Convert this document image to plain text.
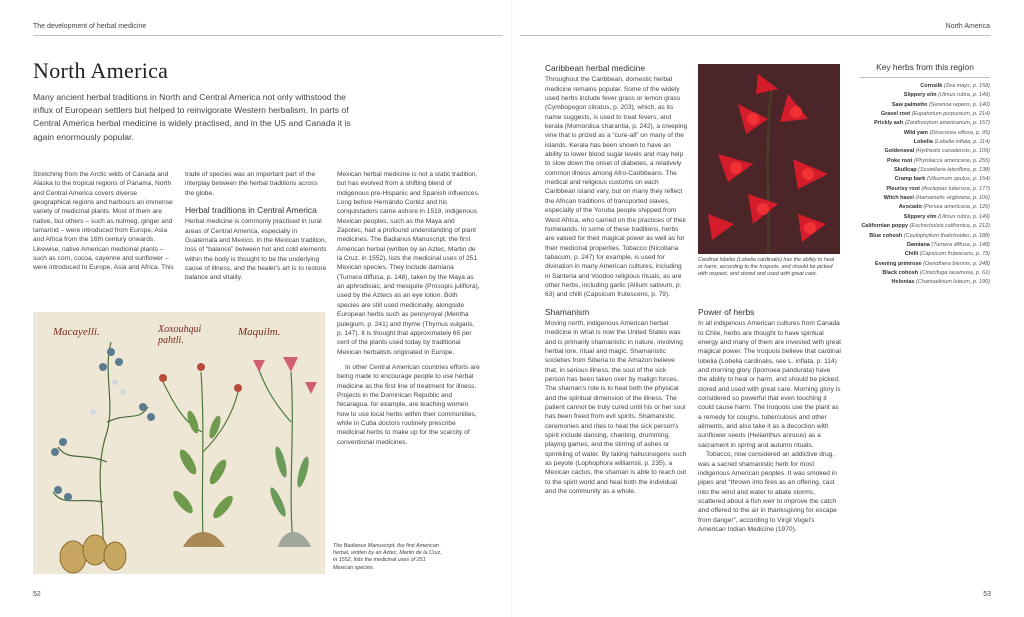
The development of herbal medicine	North America
North America
Many ancient herbal traditions in North and Central America not only withstood the influx of European settlers but helped to reinvigorate Western herbalism. In parts of Central America herbal medicine is widely practised, and in the US and Canada it is again enormously popular.

Stretching from the Arctic wilds of Canada and Alaska to the tropical regions of Panama, North and Central America covers diverse geographical regions and harbours an immense variety of medicinal plants. Most of them are native, but others – such as nutmeg, ginger and tamarind – were introduced from Europe, Asia and Africa from the 16th century onwards. Likewise, native American medicinal plants – such as corn, cocoa, cayenne and sunflower – were introduced to Europe, Asia and Africa. This

trade of species was an important part of the interplay between the herbal traditions across the globe.

Herbal traditions in Central America

Herbal medicine is commonly practised in rural areas of Central America, especially in Guatemala and Mexico. In the Mexican tradition, loss of “balance” between hot and cold elements within the body is thought to be the underlying cause of illness, and the healer's art is to restore balance and vitality.

Mexican herbal medicine is not a static tradition, but has evolved from a shifting blend of indigenous pre-Hispanic and Spanish influences. Long before Hernándo Cortéz and his conquistadors came ashore in 1519, indigenous Mexican peoples, such as the Maya and Zapotec, had a profound understanding of plant medicines. The Badianus Manuscript, the first American herbal (written by an Aztec, Martin de la Cruz, in 1552), lists the medicinal uses of 251 Mexican species. They include damiana (Turnera diffusa, p. 148), taken by the Maya as an aphrodisiac, and mesquite (Prosopis juliflora), used by the Aztecs as an eye lotion. Both species are still used medicinally, alongside European herbs such as pennyroyal (Mentha pulegium, p. 241) and thyme (Thymus vulgaris, p. 147). It is thought that approximately 65 per cent of the plants used today by traditional Mexican herbalists originated in Europe.

In other Central American countries efforts are being made to encourage people to use herbal medicine as the first line of treatment for illness. Projects in the Dominican Republic and Nicaragua, for example, are teaching women how to use local herbs within their communities, while in Cuba doctors routinely prescribe medicinal herbs to make up for the scarcity of conventional medicines.

Macayelli.	Xoxouhqui pahtli.
Maquilm.
The Badianus Manuscript, the first American herbal, written by an Aztec, Martin de la Cruz, in 1552, lists the medicinal uses of 251 Mexican species.
Caribbean herbal medicine

Throughout the Caribbean, domestic herbal medicine remains popular. Some of the widely used herbs include fever grass or lemon grass (Cymbopogon citratus, p. 203), which, as its name suggests, is used to treat fevers, and kerala (Momordica charantia, p. 242), a creeping vine that is prized as a “cure-all” on many of the islands. Kerala has been shown to have an ability to lower blood sugar levels and may help to slow down the onset of diabetes, a relatively common illness among Afro-Caribbeans. The medical and religious customs on each Caribbean island vary, but on many they reflect the African traditions of transported slaves, especially of the Yoruba people shipped from West Africa, who carried on the practices of their homelands. In some of these traditions, herbs are valued for their magical power as well as for their medicinal properties. Tobacco (Nicotiana tabacum, p. 247) for example, is used for divination in many American cultures, including in Santeria and Voodoo religious rituals, as are other herbs, including garlic (Allium sativum, p. 63) and chilli (Capsicum frutescens, p. 79).

Shamanism

Moving north, indigenous American herbal medicine in what is now the United States was and is primarily shamanistic in nature, involving herbal lore, ritual and magic. Shamanistic societies from Siberia to the Amazon believe that, in serious illness, the soul of the sick person has been taken over by malign forces. The shaman's role is to heal both the physical and the spiritual dimension of the illness. The patient cannot be truly cured until his or her soul has been freed from evil spirits. Shamanistic ceremonies and rites to heal the sick person's spirit include dancing, chanting, drumming, playing games, and the stirring of ashes or sprinkling of water. By taking hallucinogens such as peyote (Lophophora williamsii, p. 235), a Mexican cactus, the shaman is able to reach out to the spirit world and heal both the individual and the community as a whole.

Cardinal lobelia (Lobelia cardinalis) has the ability to heal or harm, according to the Iroquois, and should be picked with respect, and stored and used with great care.
Power of herbs

In all indigenous American cultures from Canada to Chile, herbs are thought to have spiritual energy and many of them are invested with great magical power. The Iroquois believe that cardinal lobelia (Lobelia cardinalis, see L. inflata, p. 114) and morning glory (Ipomoea pandurata) have the ability to heal or harm, and should be picked, stored and used with great care. Morning glory is considered so powerful that even touching it could cause harm. The Iroquois use the plant as a remedy for coughs, tuberculosis and other ailments, and also take it as a decoction with sunflower seeds (Helianthus annuus) as a sacrament in spring and autumn rituals.

Tobacco, now considered an addictive drug, was a sacred shamanistic herb for most indigenous American peoples. It was smoked in pipes and “thrown into fires as an offering, cast into the wind and water to abate storms, scattered about a fish weir to improve the catch and offered to the air in thanksgiving for escape from danger”, according to Virgil Vogel's American Indian Medicine (1970).

Key herbs from this region
Cornsilk (Zea mays, p. 158)
Slippery elm (Ulmus rubra, p. 149)
Saw palmetto (Serenoa repens, p. 140)
Gravel root (Eupatorium purpureum, p. 214)
Prickly ash (Zanthoxylum americanum, p. 157)
Wild yam (Dioscorea villosa, p. 95)
Lobelia (Lobelia inflata, p. 114)
Goldenseal (Hydrastis canadensis, p. 109)
Poke root (Phytolacca americana, p. 255)
Skullcap (Scutellaria lateriflora, p. 138)
Cramp bark (Viburnum opulus, p. 154)
Pleurisy root (Asclepias tuberosa, p. 177)
Witch hazel (Hamamelis virginiana, p. 106)
Avocado (Persea americana, p. 126)
Slippery elm (Ulmus rubra, p. 149)
Californian poppy (Eschscholzia californica, p. 212)
Blue cohosh (Caulophyllum thalictroides, p. 188)
Damiana (Turnera diffusa, p. 148)
Chilli (Capsicum frutescens, p. 79)
Evening primrose (Oenothera biennis, p. 248)
Black cohosh (Cimicifuga racemosa, p. 61)
Helonias (Chamaelirium luteum, p. 190)
52	53
